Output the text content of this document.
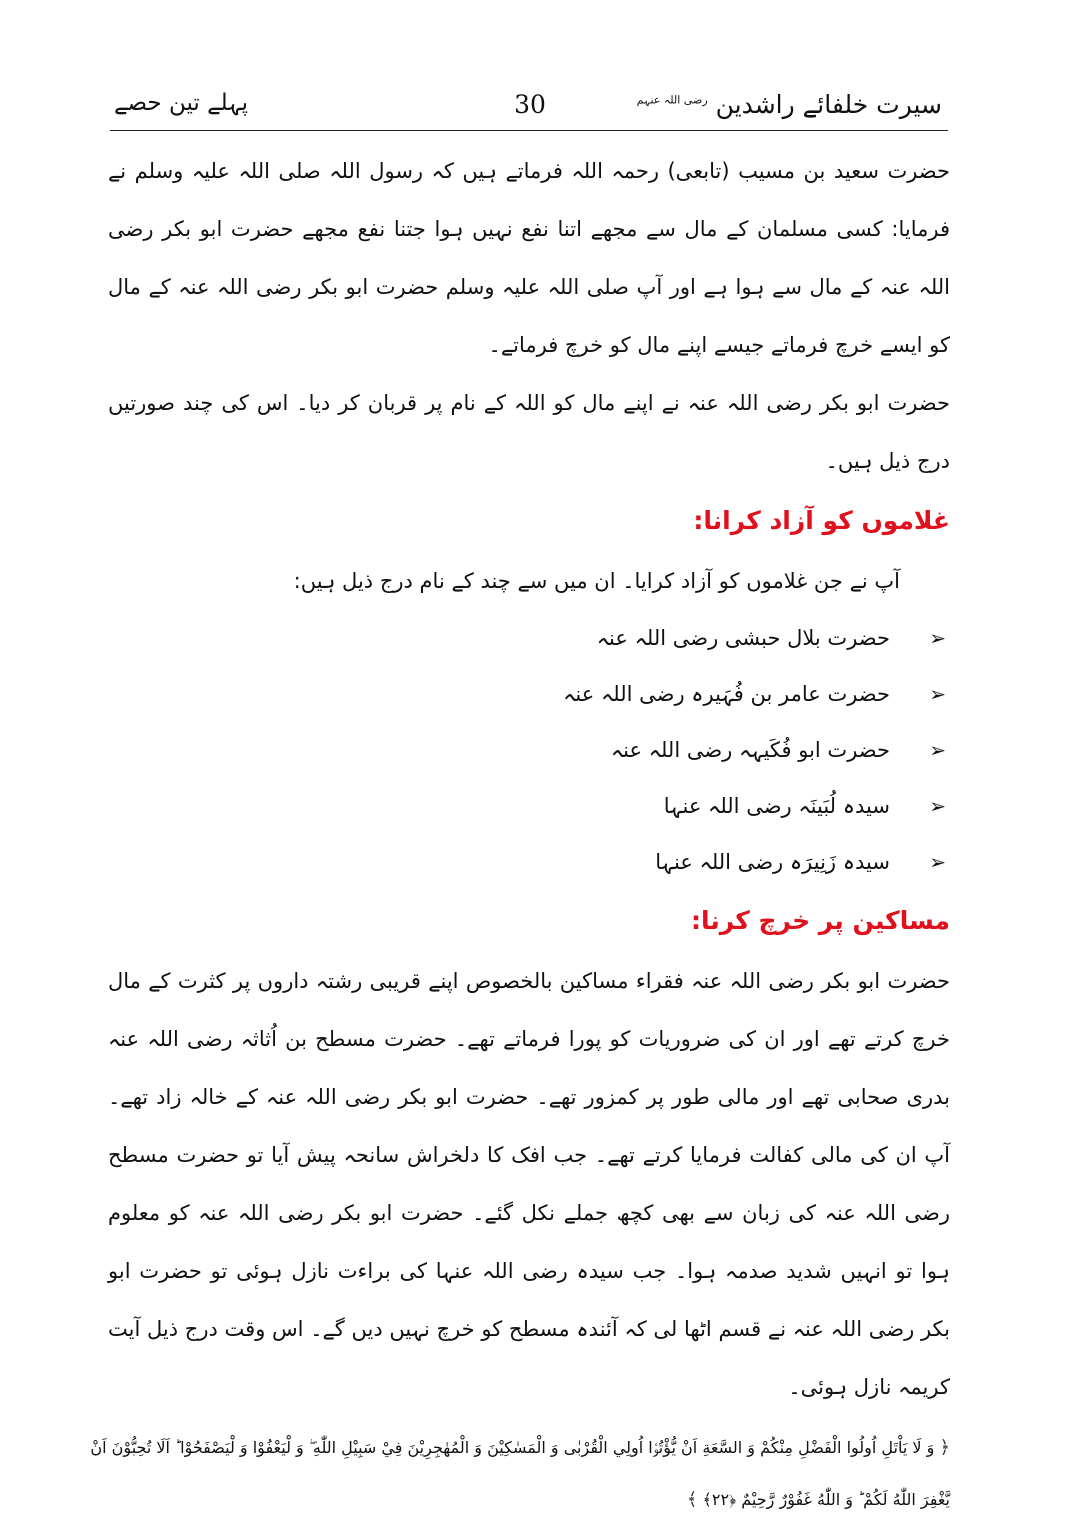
سیرت خلفائے راشدین $^{رضی اللہ عنہم}$
30
پہلے تین حصے

حضرت سعید بن مسیب (تابعی) رحمہ اللہ فرماتے ہیں کہ رسول اللہ صلی اللہ علیہ وسلم نے فرمایا: کسی مسلمان کے مال سے مجھے اتنا نفع نہیں ہوا جتنا نفع مجھے حضرت ابو بکر رضی اللہ عنہ کے مال سے ہوا ہے اور آپ صلی اللہ علیہ وسلم حضرت ابو بکر رضی اللہ عنہ کے مال کو ایسے خرچ فرماتے جیسے اپنے مال کو خرچ فرماتے۔

حضرت ابو بکر رضی اللہ عنہ نے اپنے مال کو اللہ کے نام پر قربان کر دیا۔ اس کی چند صورتیں درج ذیل ہیں۔

غلاموں کو آزاد کرانا:

آپ نے جن غلاموں کو آزاد کرایا۔ ان میں سے چند کے نام درج ذیل ہیں:

➢
حضرت بلال حبشی رضی اللہ عنہ
➢
حضرت عامر بن فُہَیرہ رضی اللہ عنہ
➢
حضرت ابو فُکَیہہ رضی اللہ عنہ
➢
سیدہ لُبَینَہ رضی اللہ عنہا
➢
سیدہ زَنِیرَہ رضی اللہ عنہا
مساکین پر خرچ کرنا:

حضرت ابو بکر رضی اللہ عنہ فقراء مساکین بالخصوص اپنے قریبی رشتہ داروں پر کثرت کے مال خرچ کرتے تھے اور ان کی ضروریات کو پورا فرماتے تھے۔ حضرت مسطح بن اُثاثہ رضی اللہ عنہ بدری صحابی تھے اور مالی طور پر کمزور تھے۔ حضرت ابو بکر رضی اللہ عنہ کے خالہ زاد تھے۔ آپ ان کی مالی کفالت فرمایا کرتے تھے۔ جب افک کا دلخراش سانحہ پیش آیا تو حضرت مسطح رضی اللہ عنہ کی زبان سے بھی کچھ جملے نکل گئے۔ حضرت ابو بکر رضی اللہ عنہ کو معلوم ہوا تو انہیں شدید صدمہ ہوا۔ جب سیدہ رضی اللہ عنہا کی براءت نازل ہوئی تو حضرت ابو بکر رضی اللہ عنہ نے قسم اٹھا لی کہ آئندہ مسطح کو خرچ نہیں دیں گے۔ اس وقت درج ذیل آیت کریمہ نازل ہوئی۔

﴿ وَ لَا يَاْتَلِ اُولُوا الْفَضْلِ مِنْكُمْ وَ السَّعَةِ اَنْ يُّؤْتُوْۤا اُولِي الْقُرْبٰى وَ الْمَسٰكِيْنَ وَ الْمُهٰجِرِيْنَ فِيْ سَبِيْلِ اللّٰهِ ۖ وَ لْيَعْفُوْا وَ لْيَصْفَحُوْا ؕ اَلَا تُحِبُّوْنَ اَنْ يَّغْفِرَ اللّٰهُ لَكُمْ ؕ وَ اللّٰهُ غَفُوْرٌ رَّحِيْمٌ ﴿۲۲﴾ ﴾
